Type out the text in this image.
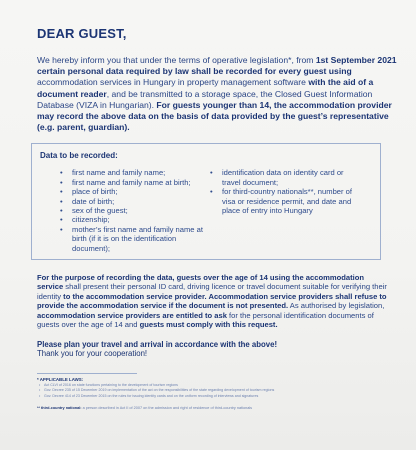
DEAR GUEST,

We hereby inform you that under the terms of operative legislation*, from 1st September 2021 certain personal data required by law shall be recorded for every guest using accommodation services in Hungary in property management software with the aid of a document reader, and be transmitted to a storage space, the Closed Guest Information Database (VIZA in Hungarian). For guests younger than 14, the accommodation provider may record the above data on the basis of data provided by the guest’s representative (e.g. parent, guardian).

Data to be recorded:
• first name and family name;
• first name and family name at birth;
• place of birth;
• date of birth;
• sex of the guest;
• citizenship;
• mother’s first name and family name at birth (if it is on the identification document);
• identification data on identity card or travel document;
• for third-country nationals**, number of visa or residence permit, and date and place of entry into Hungary

For the purpose of recording the data, guests over the age of 14 using the accommodation service shall present their personal ID card, driving licence or travel document suitable for verifying their identity to the accommodation service provider. Accommodation service providers shall refuse to provide the accommodation service if the document is not presented. As authorised by legislation, accommodation service providers are entitled to ask for the personal identification documents of guests over the age of 14 and guests must comply with this request.

Please plan your travel and arrival in accordance with the above!
Thank you for your cooperation!

* APPLICABLE LAWS:
• Act CLVI of 2016 on state functions pertaining to the development of tourism regions
• Gov. Decree 235 of 15 December 2019 on implementation of the act on the responsibilities of the state regarding development of tourism regions
• Gov. Decree 414 of 23 December 2015 on the rules for issuing identity cards and on the uniform recording of interviews and signatures
** third-country national: a person described in Act II of 2007 on the admission and right of residence of third-country nationals
